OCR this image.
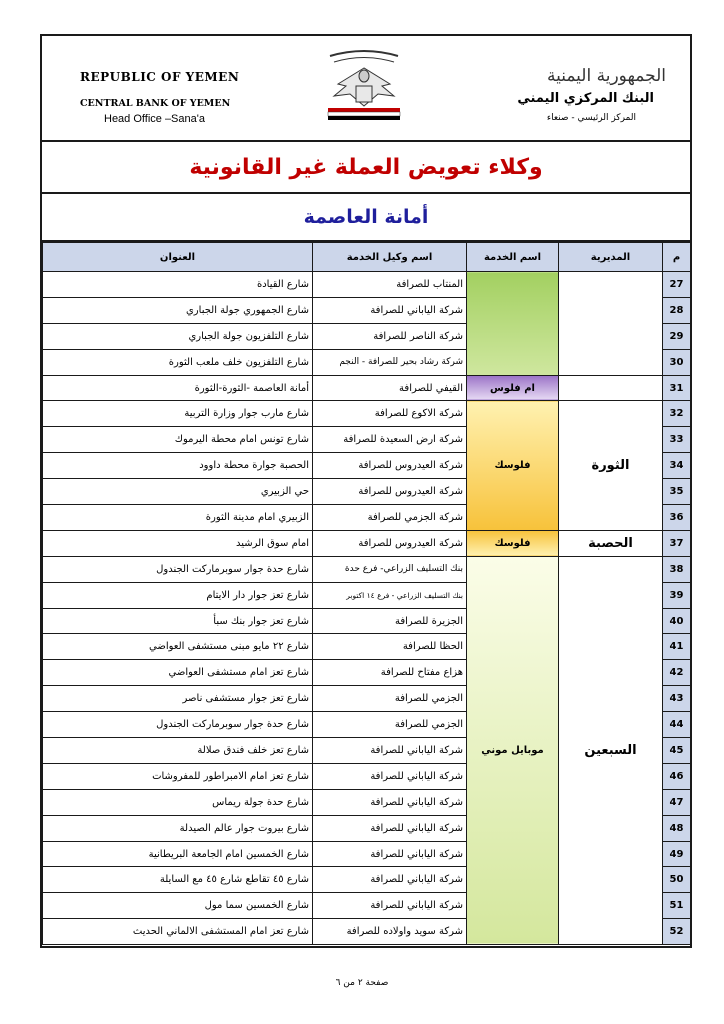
REPUBLIC OF YEMEN
CENTRAL BANK OF YEMEN
Head Office –Sana'a
الجمهورية اليمنية
البنك المركزي اليمني
المركز الرئيسي - صنعاء
وكلاء تعويض العملة غير القانونية
أمانة العاصمة
م	المديرية	اسم الخدمة	اسم وكيل الخدمة	العنوان
27			المنتاب للصرافة	شارع القيادة
28			شركة الياباني للصرافة	شارع الجمهوري جولة الجباري
29			شركة الناصر للصرافة	شارع التلفزيون جولة الجباري
30			شركة رشاد بحير للصرافة - النجم	شارع التلفزيون خلف ملعب الثورة
31		ام فلوس	القيفي للصرافة	أمانة العاصمة -الثورة-الثورة
32	الثورة	فلوسك	شركة الاكوع للصرافة	شارع مارب جوار وزارة التربية
33			شركة ارض السعيدة للصرافة	شارع تونس امام محطة اليرموك
34			شركة العيدروس للصرافة	الحصبة جوارة محطة داوود
35			شركة العيدروس للصرافة	حي الزبيري
36			شركة الجزمي للصرافة	الزبيري امام مدينة الثورة
37	الحصبة	فلوسك	شركة العيدروس للصرافة	امام سوق الرشيد
38	السبعين	موبايل موني	بنك التسليف الزراعي- فرع حدة	شارع حدة جوار سوبرماركت الجندول
39			بنك التسليف الزراعي - فرع ١٤ اكتوبر	شارع تعز جوار دار الايتام
40			الجزيرة للصرافة	شارع تعز جوار بنك سبأ
41			الحظا للصرافة	شارع ٢٢ مايو مبنى مستشفى العواضي
42			هزاع مفتاح للصرافة	شارع تعز امام مستشفى العواضي
43			الجزمي للصرافة	شارع تعز جوار مستشفى ناصر
44			الجزمي للصرافة	شارع حدة جوار سوبرماركت الجندول
45			شركة الياباني للصرافة	شارع تعز خلف فندق صلالة
46			شركة الياباني للصرافة	شارع تعز امام الامبراطور للمفروشات
47			شركة الياباني للصرافة	شارع حدة جولة ريماس
48			شركة الياباني للصرافة	شارع بيروت جوار عالم الصيدلة
49			شركة الياباني للصرافة	شارع الخمسين امام الجامعة البريطانية
50			شركة الياباني للصرافة	شارع ٤٥ تقاطع شارع ٤٥ مع السايلة
51			شركة الياباني للصرافة	شارع الخمسين سما مول
52			شركة سويد واولاده للصرافة	شارع تعز امام المستشفى الالماني الحديث
صفحة ٢ من ٦
